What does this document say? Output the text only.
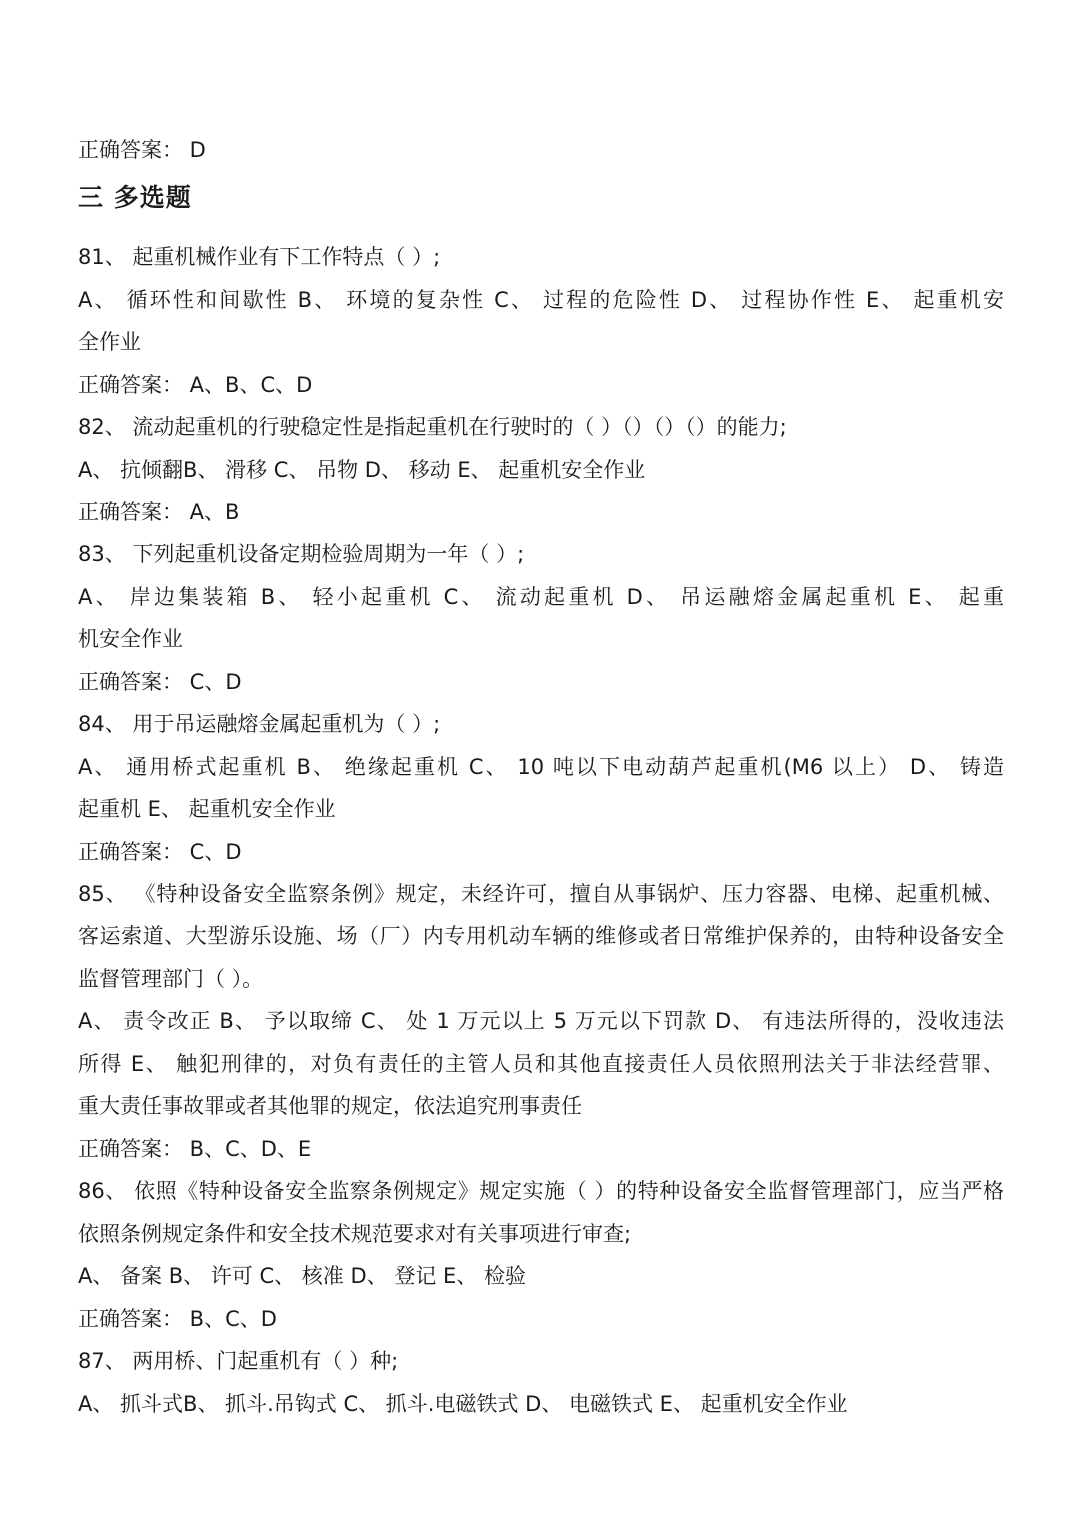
正确答案： D
三 多选题
81、 起重机械作业有下工作特点（ ）;
A、 循环性和间歇性 B、 环境的复杂性 C、 过程的危险性 D、 过程协作性 E、 起重机安
全作业
正确答案： A、B、C、D
82、 流动起重机的行驶稳定性是指起重机在行驶时的（ ）（）（）（）的能力;
A、 抗倾翻B、 滑移 C、 吊物 D、 移动 E、 起重机安全作业
正确答案： A、B
83、 下列起重机设备定期检验周期为一年（ ）;
A、 岸边集装箱 B、 轻小起重机 C、 流动起重机 D、 吊运融熔金属起重机 E、 起重
机安全作业
正确答案： C、D
84、 用于吊运融熔金属起重机为（ ）;
A、 通用桥式起重机 B、 绝缘起重机 C、 10 吨以下电动葫芦起重机(M6 以上） D、 铸造
起重机 E、 起重机安全作业
正确答案： C、D
85、 《特种设备安全监察条例》规定，未经许可，擅自从事锅炉、压力容器、电梯、起重机械、
客运索道、大型游乐设施、场（厂）内专用机动车辆的维修或者日常维护保养的，由特种设备安全
监督管理部门（ ）。
A、 责令改正 B、 予以取缔 C、 处 1 万元以上 5 万元以下罚款 D、 有违法所得的，没收违法
所得 E、 触犯刑律的，对负有责任的主管人员和其他直接责任人员依照刑法关于非法经营罪、
重大责任事故罪或者其他罪的规定，依法追究刑事责任
正确答案： B、C、D、E
86、 依照《特种设备安全监察条例规定》规定实施（ ）的特种设备安全监督管理部门，应当严格
依照条例规定条件和安全技术规范要求对有关事项进行审查;
A、 备案 B、 许可 C、 核准 D、 登记 E、 检验
正确答案： B、C、D
87、 两用桥、门起重机有（ ）种;
A、 抓斗式B、 抓斗.吊钩式 C、 抓斗.电磁铁式 D、 电磁铁式 E、 起重机安全作业
